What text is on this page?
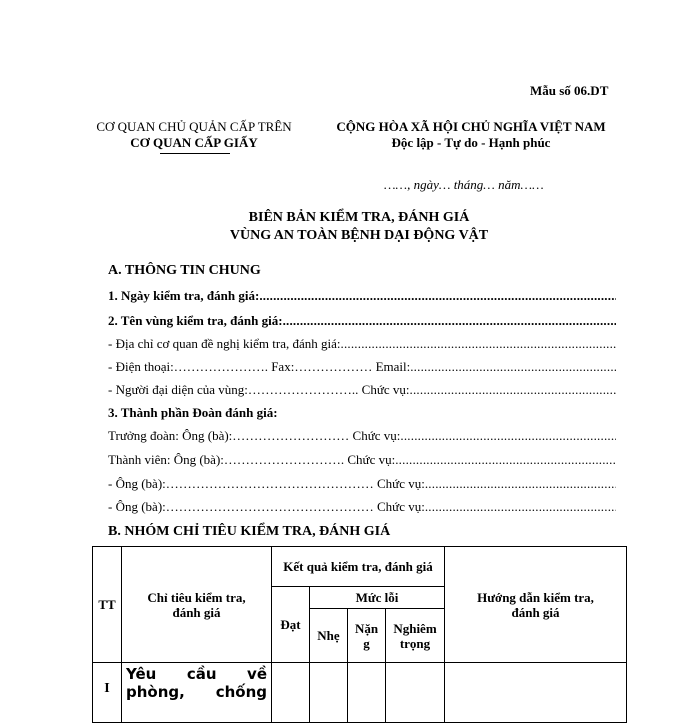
Mẫu số 06.DT
CƠ QUAN CHỦ QUẢN CẤP TRÊN
CƠ QUAN CẤP GIẤY
CỘNG HÒA XÃ HỘI CHỦ NGHĨA VIỆT NAM
Độc lập - Tự do - Hạnh phúc
……, ngày… tháng… năm……
BIÊN BẢN KIỂM TRA, ĐÁNH GIÁ
VÙNG AN TOÀN BỆNH DẠI ĐỘNG VẬT
A. THÔNG TIN CHUNG
1. Ngày kiểm tra, đánh giá:
.....
2. Tên vùng kiểm tra, đánh giá:
.....
- Địa chỉ cơ quan đề nghị kiểm tra, đánh giá:
.....
- Điện thoại:…………………. Fax:……………… Email:
.....
- Người đại diện của vùng:…………………….. Chức vụ:
.....
3. Thành phần Đoàn đánh giá:
Trưởng đoàn: Ông (bà):……………………… Chức vụ:
.....
Thành viên: Ông (bà):………………………. Chức vụ:
.....
- Ông (bà):………………………………………… Chức vụ:
.....
- Ông (bà):………………………………………… Chức vụ:
.....
B. NHÓM CHỈ TIÊU KIỂM TRA, ĐÁNH GIÁ
TT	Chỉ tiêu kiểm tra, đánh giá	Kết quả kiểm tra, đánh giá				Hướng dẫn kiểm tra, đánh giá
		Đạt	Mức lỗi			
			Nhẹ	Nặng	Nghiêm trọng	
I	Yêu cầu về phòng, chống					
